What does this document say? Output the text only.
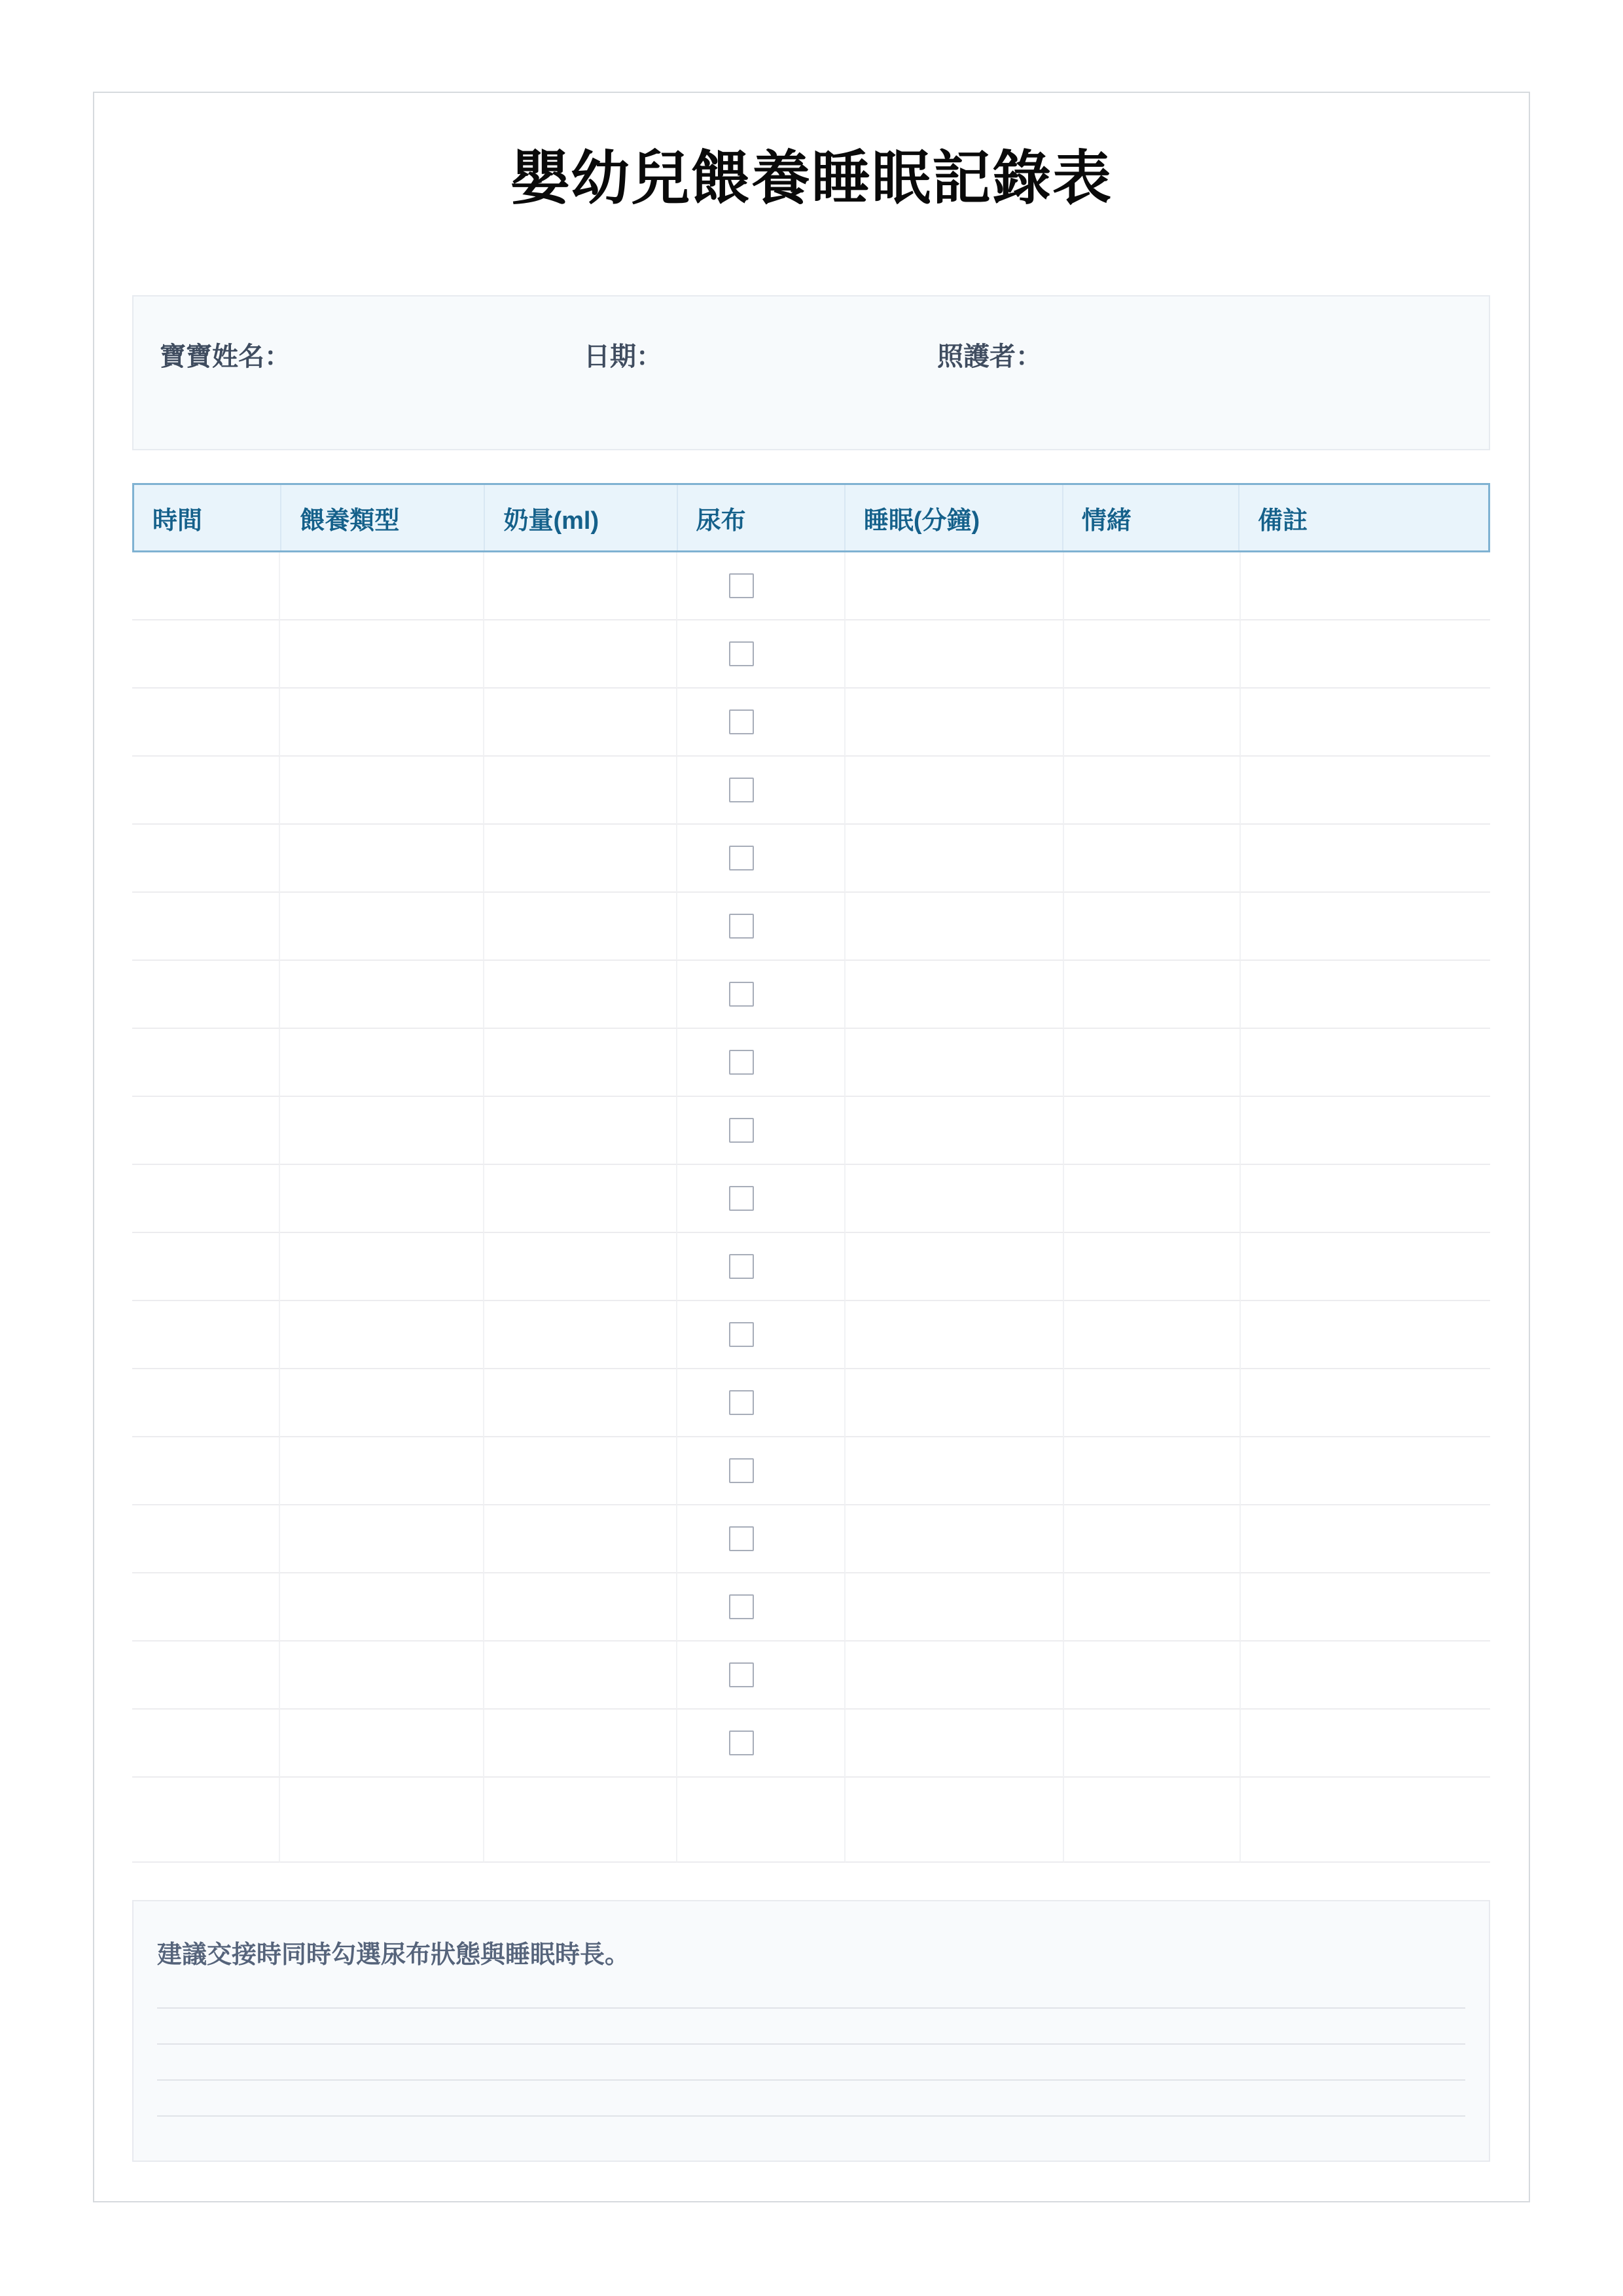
嬰幼兒餵養睡眠記錄表
寶寶姓名：	日期：	照護者：
時間	餵養類型	奶量(ml)	尿布	睡眠(分鐘)	情緒	備註
建議交接時同時勾選尿布狀態與睡眠時長。
